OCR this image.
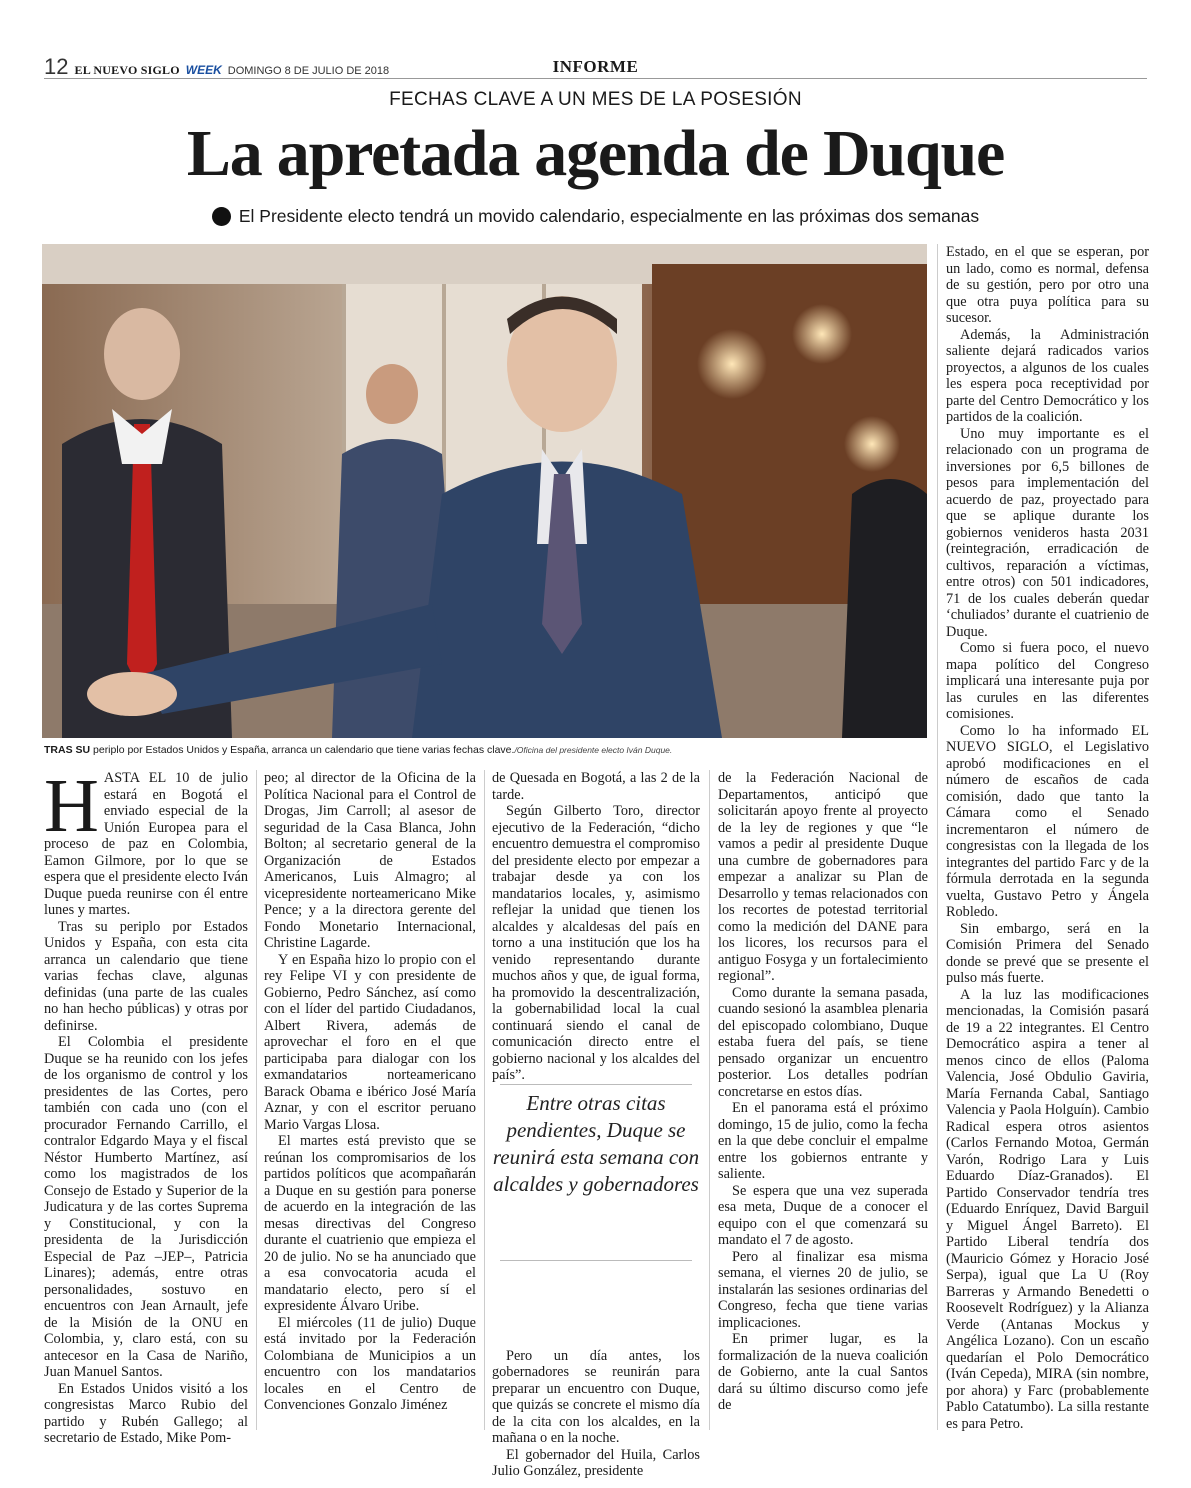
12 EL NUEVO SIGLO WEEK DOMINGO 8 DE JULIO DE 2018	INFORME
FECHAS CLAVE A UN MES DE LA POSESIÓN
La apretada agenda de Duque
El Presidente electo tendrá un movido calendario, especialmente en las próximas dos semanas
TRAS SU periplo por Estados Unidos y España, arranca un calendario que tiene varias fechas clave./Oficina del presidente electo Iván Duque.
H ASTA EL 10 de julio estará en Bogotá el enviado especial de la Unión Europea para el proceso de paz en Colombia, Eamon Gilmore, por lo que se espera que el presidente electo Iván Duque pueda reunirse con él entre lunes y martes.

Tras su periplo por Estados Unidos y España, con esta cita arranca un calendario que tiene varias fechas clave, algunas definidas (una parte de las cuales no han hecho públicas) y otras por definirse.

El Colombia el presidente Duque se ha reunido con los jefes de los organismo de control y los presidentes de las Cortes, pero también con cada uno (con el procurador Fernando Carrillo, el contralor Edgardo Maya y el fiscal Néstor Humberto Martínez, así como los magistrados de los Consejo de Estado y Superior de la Judicatura y de las cortes Suprema y Constitucional, y con la presidenta de la Jurisdicción Especial de Paz –JEP–, Patricia Linares); además, entre otras personalidades, sostuvo en encuentros con Jean Arnault, jefe de la Misión de la ONU en Colombia, y, claro está, con su antecesor en la Casa de Nariño, Juan Manuel Santos.

En Estados Unidos visitó a los congresistas Marco Rubio del partido y Rubén Gallego; al secretario de Estado, Mike Pom-

peo; al director de la Oficina de la Política Nacional para el Control de Drogas, Jim Carroll; al asesor de seguridad de la Casa Blanca, John Bolton; al secretario general de la Organización de Estados Americanos, Luis Almagro; al vicepresidente norteamericano Mike Pence; y a la directora gerente del Fondo Monetario Internacional, Christine Lagarde.

Y en España hizo lo propio con el rey Felipe VI y con presidente de Gobierno, Pedro Sánchez, así como con el líder del partido Ciudadanos, Albert Rivera, además de aprovechar el foro en el que participaba para dialogar con los exmandatarios norteamericano Barack Obama e ibérico José María Aznar, y con el escritor peruano Mario Vargas Llosa.

El martes está previsto que se reúnan los compromisarios de los partidos políticos que acompañarán a Duque en su gestión para ponerse de acuerdo en la integración de las mesas directivas del Congreso durante el cuatrienio que empieza el 20 de julio. No se ha anunciado que a esa convocatoria acuda el mandatario electo, pero sí el expresidente Álvaro Uribe.

El miércoles (11 de julio) Duque está invitado por la Federación Colombiana de Municipios a un encuentro con los mandatarios locales en el Centro de Convenciones Gonzalo Jiménez

de Quesada en Bogotá, a las 2 de la tarde.

Según Gilberto Toro, director ejecutivo de la Federación, “dicho encuentro demuestra el compromiso del presidente electo por empezar a trabajar desde ya con los mandatarios locales, y, asimismo reflejar la unidad que tienen los alcaldes y alcaldesas del país en torno a una institución que los ha venido representando durante muchos años y que, de igual forma, ha promovido la descentralización, la gobernabilidad local la cual continuará siendo el canal de comunicación directo entre el gobierno nacional y los alcaldes del país”.

Pero un día antes, los gobernadores se reunirán para preparar un encuentro con Duque, que quizás se concrete el mismo día de la cita con los alcaldes, en la mañana o en la noche.

El gobernador del Huila, Carlos Julio González, presidente

Entre otras citas pendientes, Duque se reunirá esta semana con alcaldes y gobernadores

de la Federación Nacional de Departamentos, anticipó que solicitarán apoyo frente al proyecto de la ley de regiones y que “le vamos a pedir al presidente Duque una cumbre de gobernadores para empezar a analizar su Plan de Desarrollo y temas relacionados con los recortes de potestad territorial como la medición del DANE para los licores, los recursos para el antiguo Fosyga y un fortalecimiento regional”.

Como durante la semana pasada, cuando sesionó la asamblea plenaria del episcopado colombiano, Duque estaba fuera del país, se tiene pensado organizar un encuentro posterior. Los detalles podrían concretarse en estos días.

En el panorama está el próximo domingo, 15 de julio, como la fecha en la que debe concluir el empalme entre los gobiernos entrante y saliente.

Se espera que una vez superada esa meta, Duque de a conocer el equipo con el que comenzará su mandato el 7 de agosto.

Pero al finalizar esa misma semana, el viernes 20 de julio, se instalarán las sesiones ordinarias del Congreso, fecha que tiene varias implicaciones.

En primer lugar, es la formalización de la nueva coalición de Gobierno, ante la cual Santos dará su último discurso como jefe de

Estado, en el que se esperan, por un lado, como es normal, defensa de su gestión, pero por otro una que otra puya política para su sucesor.

Además, la Administración saliente dejará radicados varios proyectos, a algunos de los cuales les espera poca receptividad por parte del Centro Democrático y los partidos de la coalición.

Uno muy importante es el relacionado con un programa de inversiones por 6,5 billones de pesos para implementación del acuerdo de paz, proyectado para que se aplique durante los gobiernos venideros hasta 2031 (reintegración, erradicación de cultivos, reparación a víctimas, entre otros) con 501 indicadores, 71 de los cuales deberán quedar ‘chuliados’ durante el cuatrienio de Duque.

Como si fuera poco, el nuevo mapa político del Congreso implicará una interesante puja por las curules en las diferentes comisiones.

Como lo ha informado EL NUEVO SIGLO, el Legislativo aprobó modificaciones en el número de escaños de cada comisión, dado que tanto la Cámara como el Senado incrementaron el número de congresistas con la llegada de los integrantes del partido Farc y de la fórmula derrotada en la segunda vuelta, Gustavo Petro y Ángela Robledo.

Sin embargo, será en la Comisión Primera del Senado donde se prevé que se presente el pulso más fuerte.

A la luz las modificaciones mencionadas, la Comisión pasará de 19 a 22 integrantes. El Centro Democrático aspira a tener al menos cinco de ellos (Paloma Valencia, José Obdulio Gaviria, María Fernanda Cabal, Santiago Valencia y Paola Holguín). Cambio Radical espera otros asientos (Carlos Fernando Motoa, Germán Varón, Rodrigo Lara y Luis Eduardo Díaz-Granados). El Partido Conservador tendría tres (Eduardo Enríquez, David Barguil y Miguel Ángel Barreto). El Partido Liberal tendría dos (Mauricio Gómez y Horacio José Serpa), igual que La U (Roy Barreras y Armando Benedetti o Roosevelt Rodríguez) y la Alianza Verde (Antanas Mockus y Angélica Lozano). Con un escaño quedarían el Polo Democrático (Iván Cepeda), MIRA (sin nombre, por ahora) y Farc (probablemente Pablo Catatumbo). La silla restante es para Petro.
